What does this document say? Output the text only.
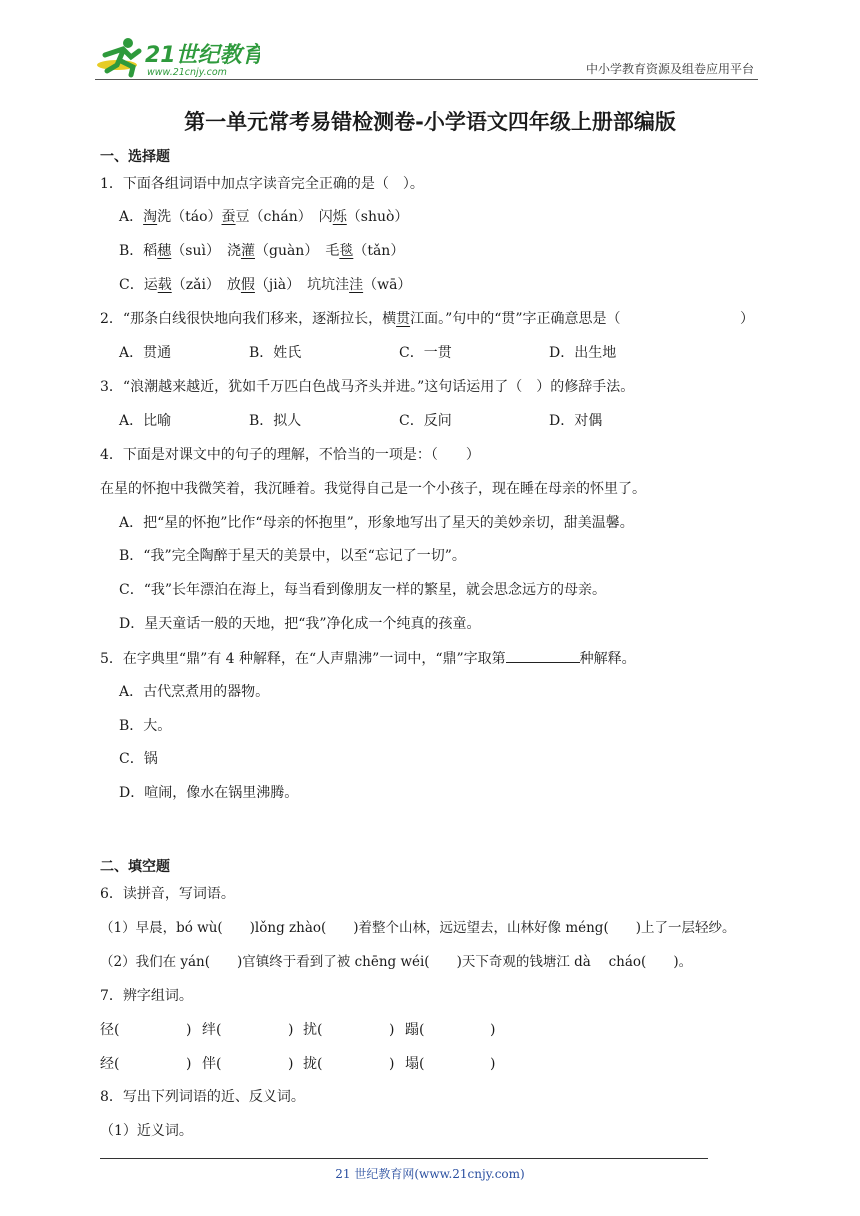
21世纪教育
www.21cnjy.com	中小学教育资源及组卷应用平台
第一单元常考易错检测卷-小学语文四年级上册部编版
一、选择题
1．下面各组词语中加点字读音完全正确的是（　）。
A．淘洗（táo）蚕豆（chán）　闪烁（shuò）
B．稻穗（suì）　浇灌（guàn）　毛毯（tǎn）
C．运载（zǎi）　放假（jià）　坑坑洼洼（wā）
2．“那条白线很快地向我们移来，逐渐拉长，横贯江面。”句中的“贯”字正确意思是（	）
A．贯通	B．姓氏	C．一贯	D．出生地
3．“浪潮越来越近，犹如千万匹白色战马齐头并进。”这句话运用了（　）的修辞手法。
A．比喻	B．拟人	C．反问	D．对偶
4．下面是对课文中的句子的理解，不恰当的一项是：（　　）
在星的怀抱中我微笑着，我沉睡着。我觉得自己是一个小孩子，现在睡在母亲的怀里了。
A．把“星的怀抱”比作“母亲的怀抱里”，形象地写出了星天的美妙亲切，甜美温馨。
B．“我”完全陶醉于星天的美景中，以至“忘记了一切”。
C．“我”长年漂泊在海上，每当看到像朋友一样的繁星，就会思念远方的母亲。
D．星天童话一般的天地，把“我”净化成一个纯真的孩童。
5．在字典里“鼎”有 4 种解释，在“人声鼎沸”一词中，“鼎”字取第	种解释。
A．古代烹煮用的器物。
B．大。
C．锅
D．喧闹，像水在锅里沸腾。
二、填空题
6．读拼音，写词语。
（1）早晨，bó wù(　　)lǒng zhào(　　)着整个山林，远远望去，山林好像 méng(　　)上了一层轻纱。
（2）我们在 yán(　　)官镇终于看到了被 chēng wéi(　　)天下奇观的钱塘江 dà　 cháo(　　)。
7．辨字组词。
径(	) 绊(	) 扰(	) 蹋(	)
经(	) 伴(	) 拢(	) 塌(	)
8．写出下列词语的近、反义词。
（1）近义词。
21 世纪教育网(www.21cnjy.com)
